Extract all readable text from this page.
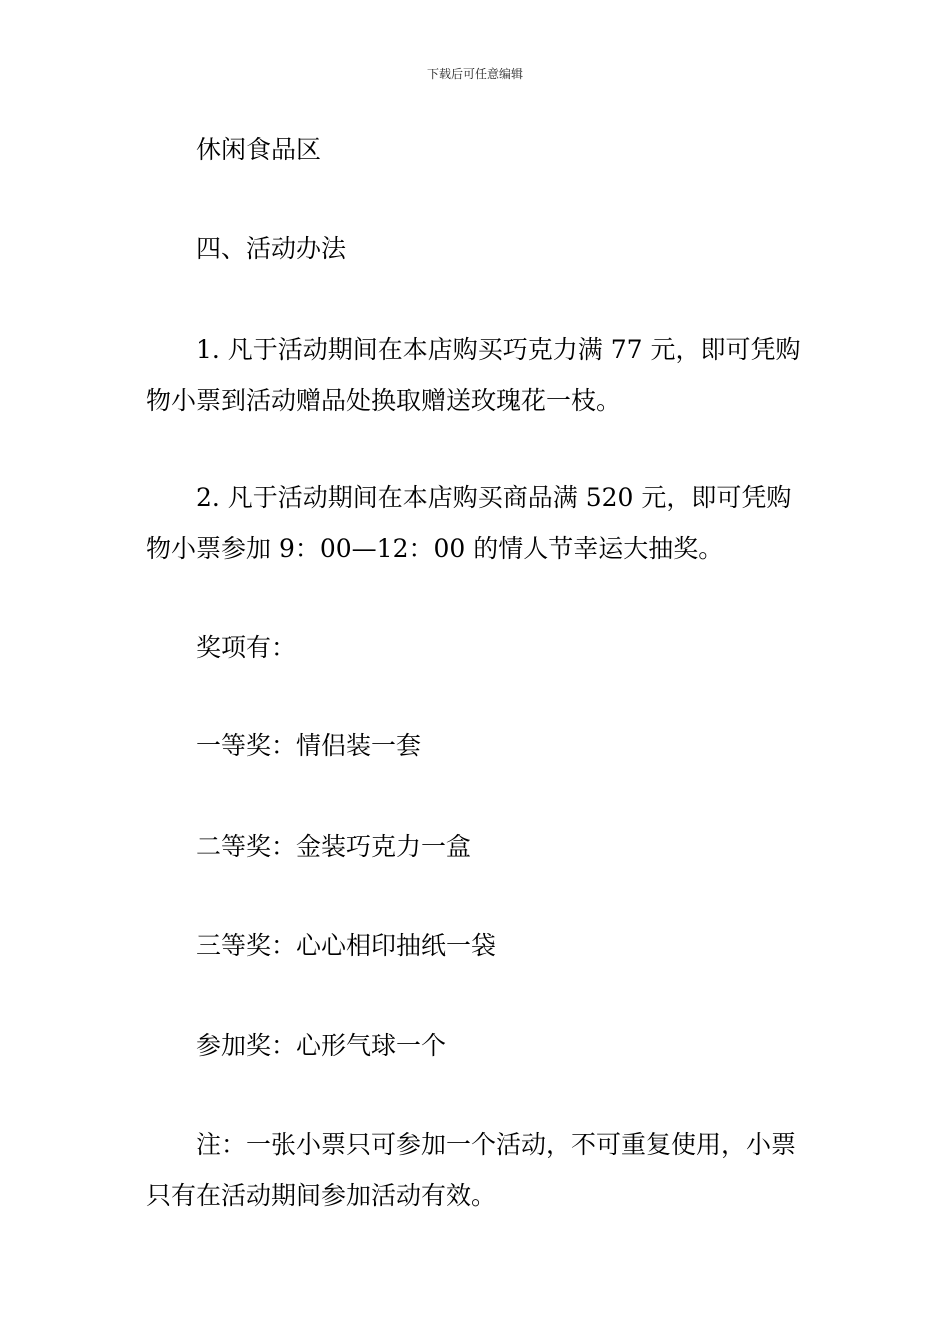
下载后可任意编辑

休闲食品区

四、活动办法

1. 凡于活动期间在本店购买巧克力满 77 元，即可凭购物小票到活动赠品处换取赠送玫瑰花一枝。

2. 凡于活动期间在本店购买商品满 520 元，即可凭购物小票参加 9：00—12：00 的情人节幸运大抽奖。

奖项有：

一等奖：情侣装一套

二等奖：金装巧克力一盒

三等奖：心心相印抽纸一袋

参加奖：心形气球一个

注：一张小票只可参加一个活动，不可重复使用，小票只有在活动期间参加活动有效。
